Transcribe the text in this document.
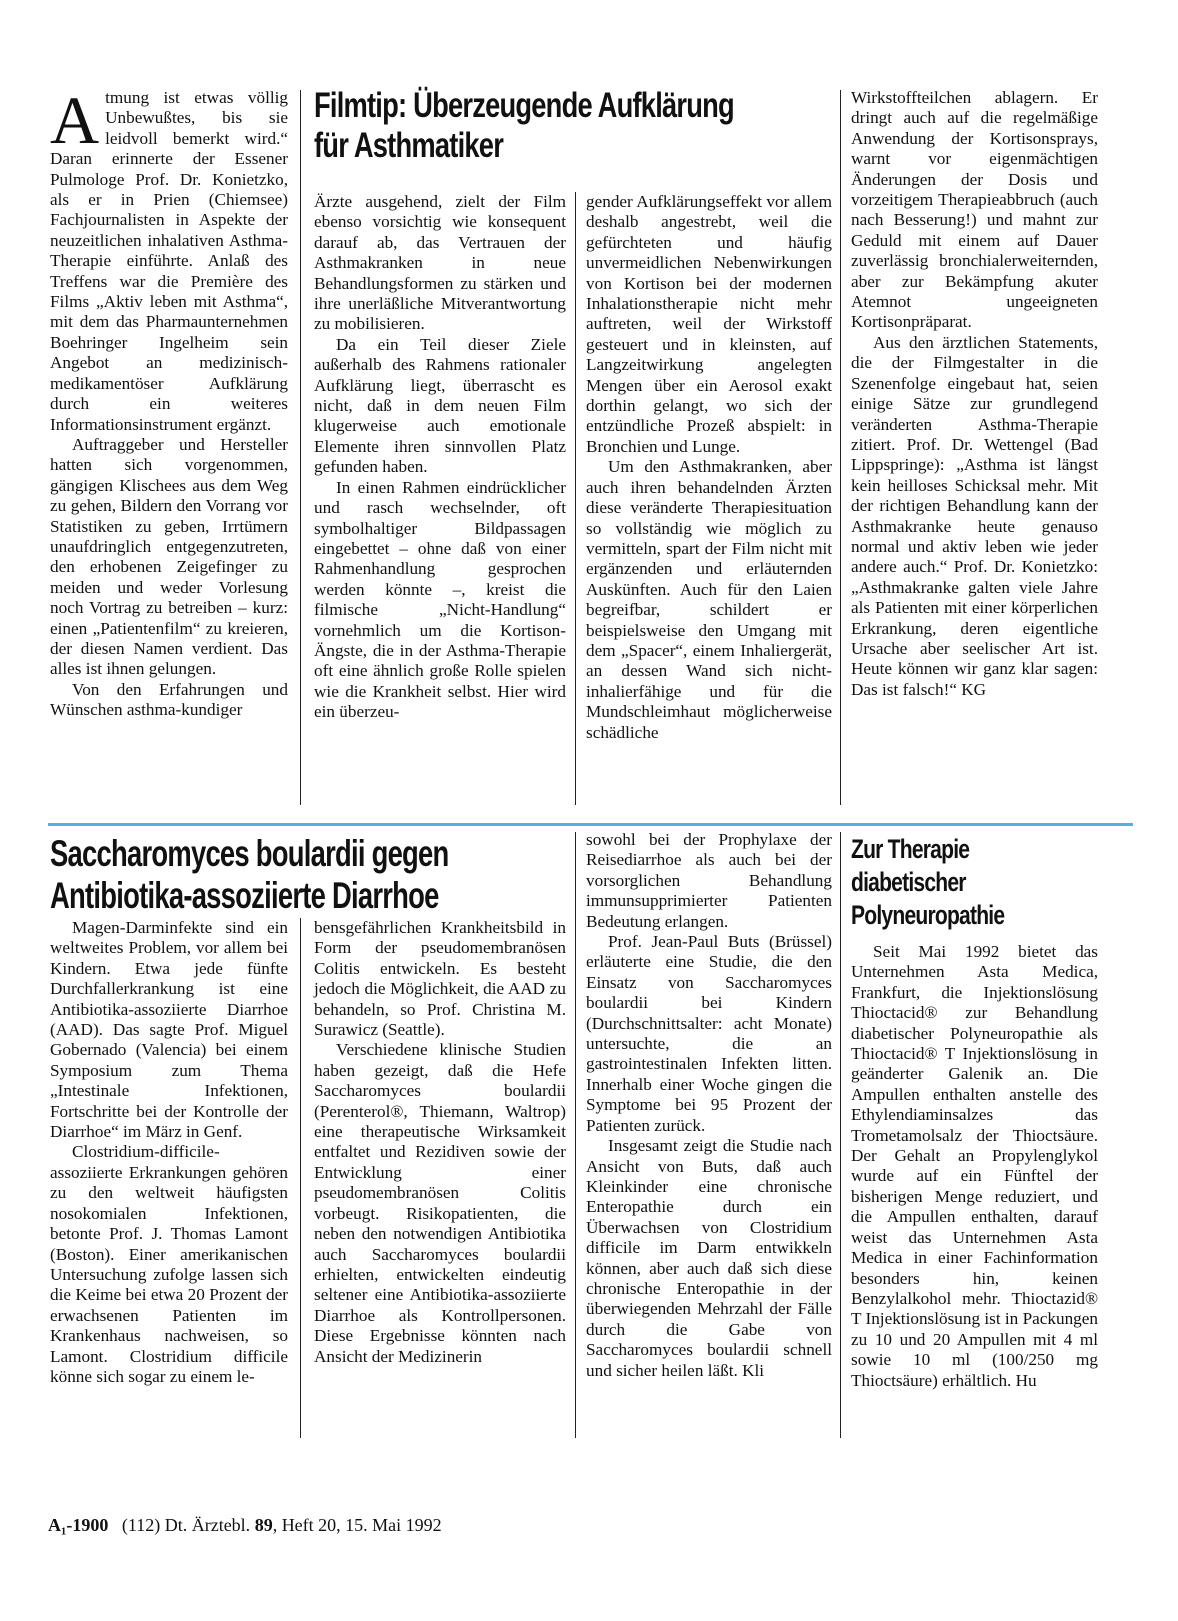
Atmung ist etwas völlig Unbewußtes, bis sie leidvoll bemerkt wird.“ Daran erinnerte der Essener Pulmologe Prof. Dr. Konietzko, als er in Prien (Chiemsee) Fachjournalisten in Aspekte der neuzeitlichen inhalativen Asthma-Therapie einführte. Anlaß des Treffens war die Première des Films „Aktiv leben mit Asthma“, mit dem das Pharmaunternehmen Boehringer Ingelheim sein Angebot an medizinisch-medikamentöser Aufklärung durch ein weiteres Informationsinstrument ergänzt.

Auftraggeber und Hersteller hatten sich vorgenommen, gängigen Klischees aus dem Weg zu gehen, Bildern den Vorrang vor Statistiken zu geben, Irrtümern unaufdringlich entgegenzutreten, den erhobenen Zeigefinger zu meiden und weder Vorlesung noch Vortrag zu betreiben – kurz: einen „Patientenfilm“ zu kreieren, der diesen Namen verdient. Das alles ist ihnen gelungen.

Von den Erfahrungen und Wünschen asthma-kundiger

Filmtip: Überzeugende Aufklärung
für Asthmatiker

Ärzte ausgehend, zielt der Film ebenso vorsichtig wie konsequent darauf ab, das Vertrauen der Asthmakranken in neue Behandlungsformen zu stärken und ihre unerläßliche Mitverantwortung zu mobilisieren.

Da ein Teil dieser Ziele außerhalb des Rahmens rationaler Aufklärung liegt, überrascht es nicht, daß in dem neuen Film klugerweise auch emotionale Elemente ihren sinnvollen Platz gefunden haben.

In einen Rahmen eindrücklicher und rasch wechselnder, oft symbolhaltiger Bildpassagen eingebettet – ohne daß von einer Rahmenhandlung gesprochen werden könnte –, kreist die filmische „Nicht-Handlung“ vornehmlich um die Kortison-Ängste, die in der Asthma-Therapie oft eine ähnlich große Rolle spielen wie die Krankheit selbst. Hier wird ein überzeu-

gender Aufklärungseffekt vor allem deshalb angestrebt, weil die gefürchteten und häufig unvermeidlichen Nebenwirkungen von Kortison bei der modernen Inhalationstherapie nicht mehr auftreten, weil der Wirkstoff gesteuert und in kleinsten, auf Langzeitwirkung angelegten Mengen über ein Aerosol exakt dorthin gelangt, wo sich der entzündliche Prozeß abspielt: in Bronchien und Lunge.

Um den Asthmakranken, aber auch ihren behandelnden Ärzten diese veränderte Therapiesituation so vollständig wie möglich zu vermitteln, spart der Film nicht mit ergänzenden und erläuternden Auskünften. Auch für den Laien begreifbar, schildert er beispielsweise den Umgang mit dem „Spacer“, einem Inhaliergerät, an dessen Wand sich nicht-inhalierfähige und für die Mundschleimhaut möglicherweise schädliche

Wirkstoffteilchen ablagern. Er dringt auch auf die regelmäßige Anwendung der Kortisonsprays, warnt vor eigenmächtigen Änderungen der Dosis und vorzeitigem Therapieabbruch (auch nach Besserung!) und mahnt zur Geduld mit einem auf Dauer zuverlässig bronchialerweiternden, aber zur Bekämpfung akuter Atemnot ungeeigneten Kortisonpräparat.

Aus den ärztlichen Statements, die der Filmgestalter in die Szenenfolge eingebaut hat, seien einige Sätze zur grundlegend veränderten Asthma-Therapie zitiert. Prof. Dr. Wettengel (Bad Lippspringe): „Asthma ist längst kein heilloses Schicksal mehr. Mit der richtigen Behandlung kann der Asthmakranke heute genauso normal und aktiv leben wie jeder andere auch.“ Prof. Dr. Konietzko: „Asthmakranke galten viele Jahre als Patienten mit einer körperlichen Erkrankung, deren eigentliche Ursache aber seelischer Art ist. Heute können wir ganz klar sagen: Das ist falsch!“ KG

Saccharomyces boulardii gegen
Antibiotika-assoziierte Diarrhoe

Magen-Darminfekte sind ein weltweites Problem, vor allem bei Kindern. Etwa jede fünfte Durchfallerkrankung ist eine Antibiotika-assoziierte Diarrhoe (AAD). Das sagte Prof. Miguel Gobernado (Valencia) bei einem Symposium zum Thema „Intestinale Infektionen, Fortschritte bei der Kontrolle der Diarrhoe“ im März in Genf.

Clostridium-difficile-assoziierte Erkrankungen gehören zu den weltweit häufigsten nosokomialen Infektionen, betonte Prof. J. Thomas Lamont (Boston). Einer amerikanischen Untersuchung zufolge lassen sich die Keime bei etwa 20 Prozent der erwachsenen Patienten im Krankenhaus nachweisen, so Lamont. Clostridium difficile könne sich sogar zu einem le-

bensgefährlichen Krankheitsbild in Form der pseudomembranösen Colitis entwickeln. Es besteht jedoch die Möglichkeit, die AAD zu behandeln, so Prof. Christina M. Surawicz (Seattle).

Verschiedene klinische Studien haben gezeigt, daß die Hefe Saccharomyces boulardii (Perenterol®, Thiemann, Waltrop) eine therapeutische Wirksamkeit entfaltet und Rezidiven sowie der Entwicklung einer pseudomembranösen Colitis vorbeugt. Risikopatienten, die neben den notwendigen Antibiotika auch Saccharomyces boulardii erhielten, entwickelten eindeutig seltener eine Antibiotika-assoziierte Diarrhoe als Kontrollpersonen. Diese Ergebnisse könnten nach Ansicht der Medizinerin

sowohl bei der Prophylaxe der Reisediarrhoe als auch bei der vorsorglichen Behandlung immunsupprimierter Patienten Bedeutung erlangen.

Prof. Jean-Paul Buts (Brüssel) erläuterte eine Studie, die den Einsatz von Saccharomyces boulardii bei Kindern (Durchschnittsalter: acht Monate) untersuchte, die an gastrointestinalen Infekten litten. Innerhalb einer Woche gingen die Symptome bei 95 Prozent der Patienten zurück.

Insgesamt zeigt die Studie nach Ansicht von Buts, daß auch Kleinkinder eine chronische Enteropathie durch ein Überwachsen von Clostridium difficile im Darm entwikkeln können, aber auch daß sich diese chronische Enteropathie in der überwiegenden Mehrzahl der Fälle durch die Gabe von Saccharomyces boulardii schnell und sicher heilen läßt. Kli

Zur Therapie
diabetischer
Polyneuropathie

Seit Mai 1992 bietet das Unternehmen Asta Medica, Frankfurt, die Injektionslösung Thioctacid® zur Behandlung diabetischer Polyneuropathie als Thioctacid® T Injektionslösung in geänderter Galenik an. Die Ampullen enthalten anstelle des Ethylendiaminsalzes das Trometamolsalz der Thioctsäure. Der Gehalt an Propylenglykol wurde auf ein Fünftel der bisherigen Menge reduziert, und die Ampullen enthalten, darauf weist das Unternehmen Asta Medica in einer Fachinformation besonders hin, keinen Benzylalkohol mehr. Thioctazid® T Injektionslösung ist in Packungen zu 10 und 20 Ampullen mit 4 ml sowie 10 ml (100/250 mg Thioctsäure) erhältlich. Hu

A₁-1900 (112) Dt. Ärztebl. 89, Heft 20, 15. Mai 1992
